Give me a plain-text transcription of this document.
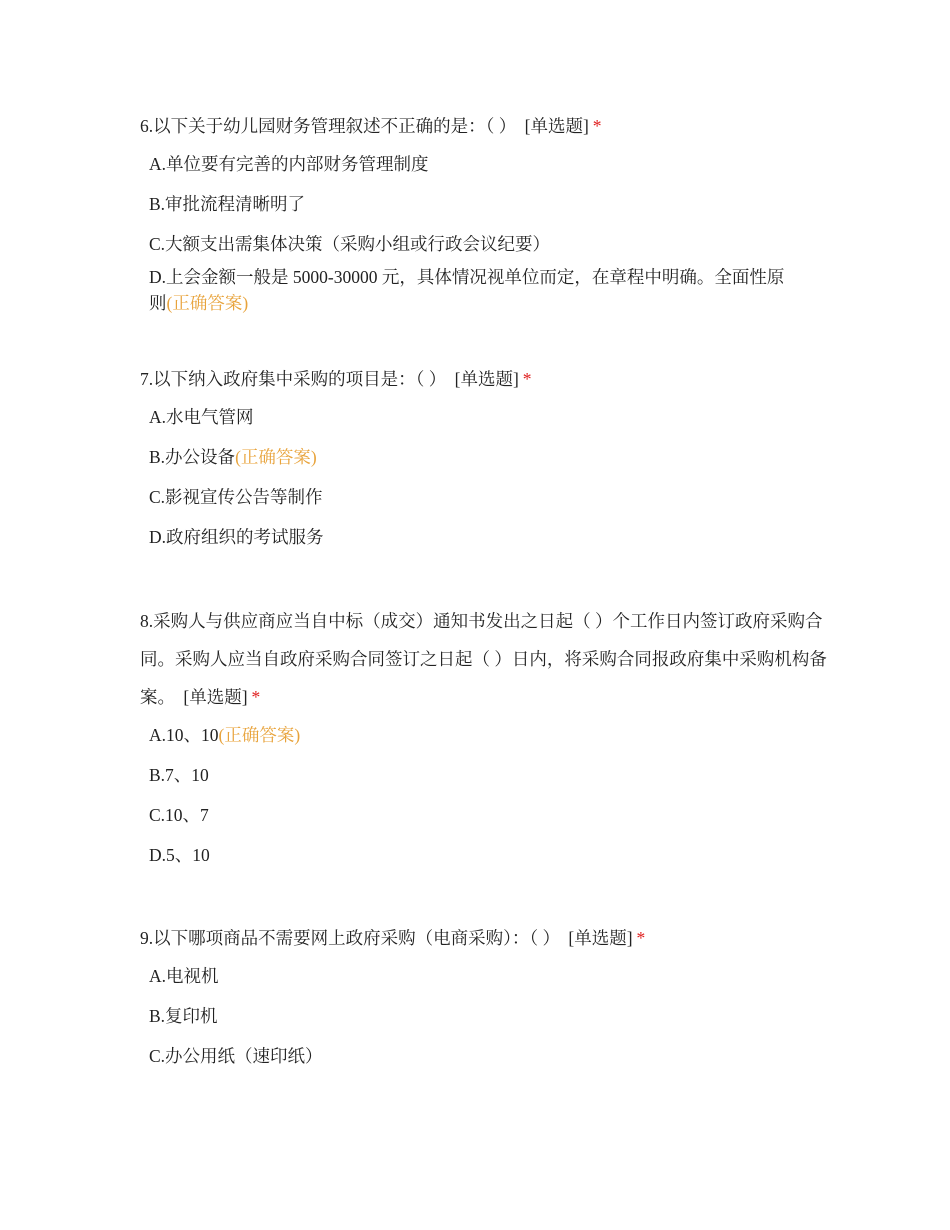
6.以下关于幼儿园财务管理叙述不正确的是：（ ） [单选题] *

A.单位要有完善的内部财务管理制度
B.审批流程清晰明了
C.大额支出需集体决策（采购小组或行政会议纪要）
D.上会金额一般是 5000-30000 元，具体情况视单位而定，在章程中明确。全面性原则(正确答案)

7.以下纳入政府集中采购的项目是：（ ） [单选题] *

A.水电气管网
B.办公设备(正确答案)
C.影视宣传公告等制作
D.政府组织的考试服务

8.采购人与供应商应当自中标（成交）通知书发出之日起（ ）个工作日内签订政府采购合同。采购人应当自政府采购合同签订之日起（ ）日内，将采购合同报政府集中采购机构备案。 [单选题] *

A.10、10(正确答案)
B.7、10
C.10、7
D.5、10

9.以下哪项商品不需要网上政府采购（电商采购）：（ ） [单选题] *

A.电视机
B.复印机
C.办公用纸（速印纸）
